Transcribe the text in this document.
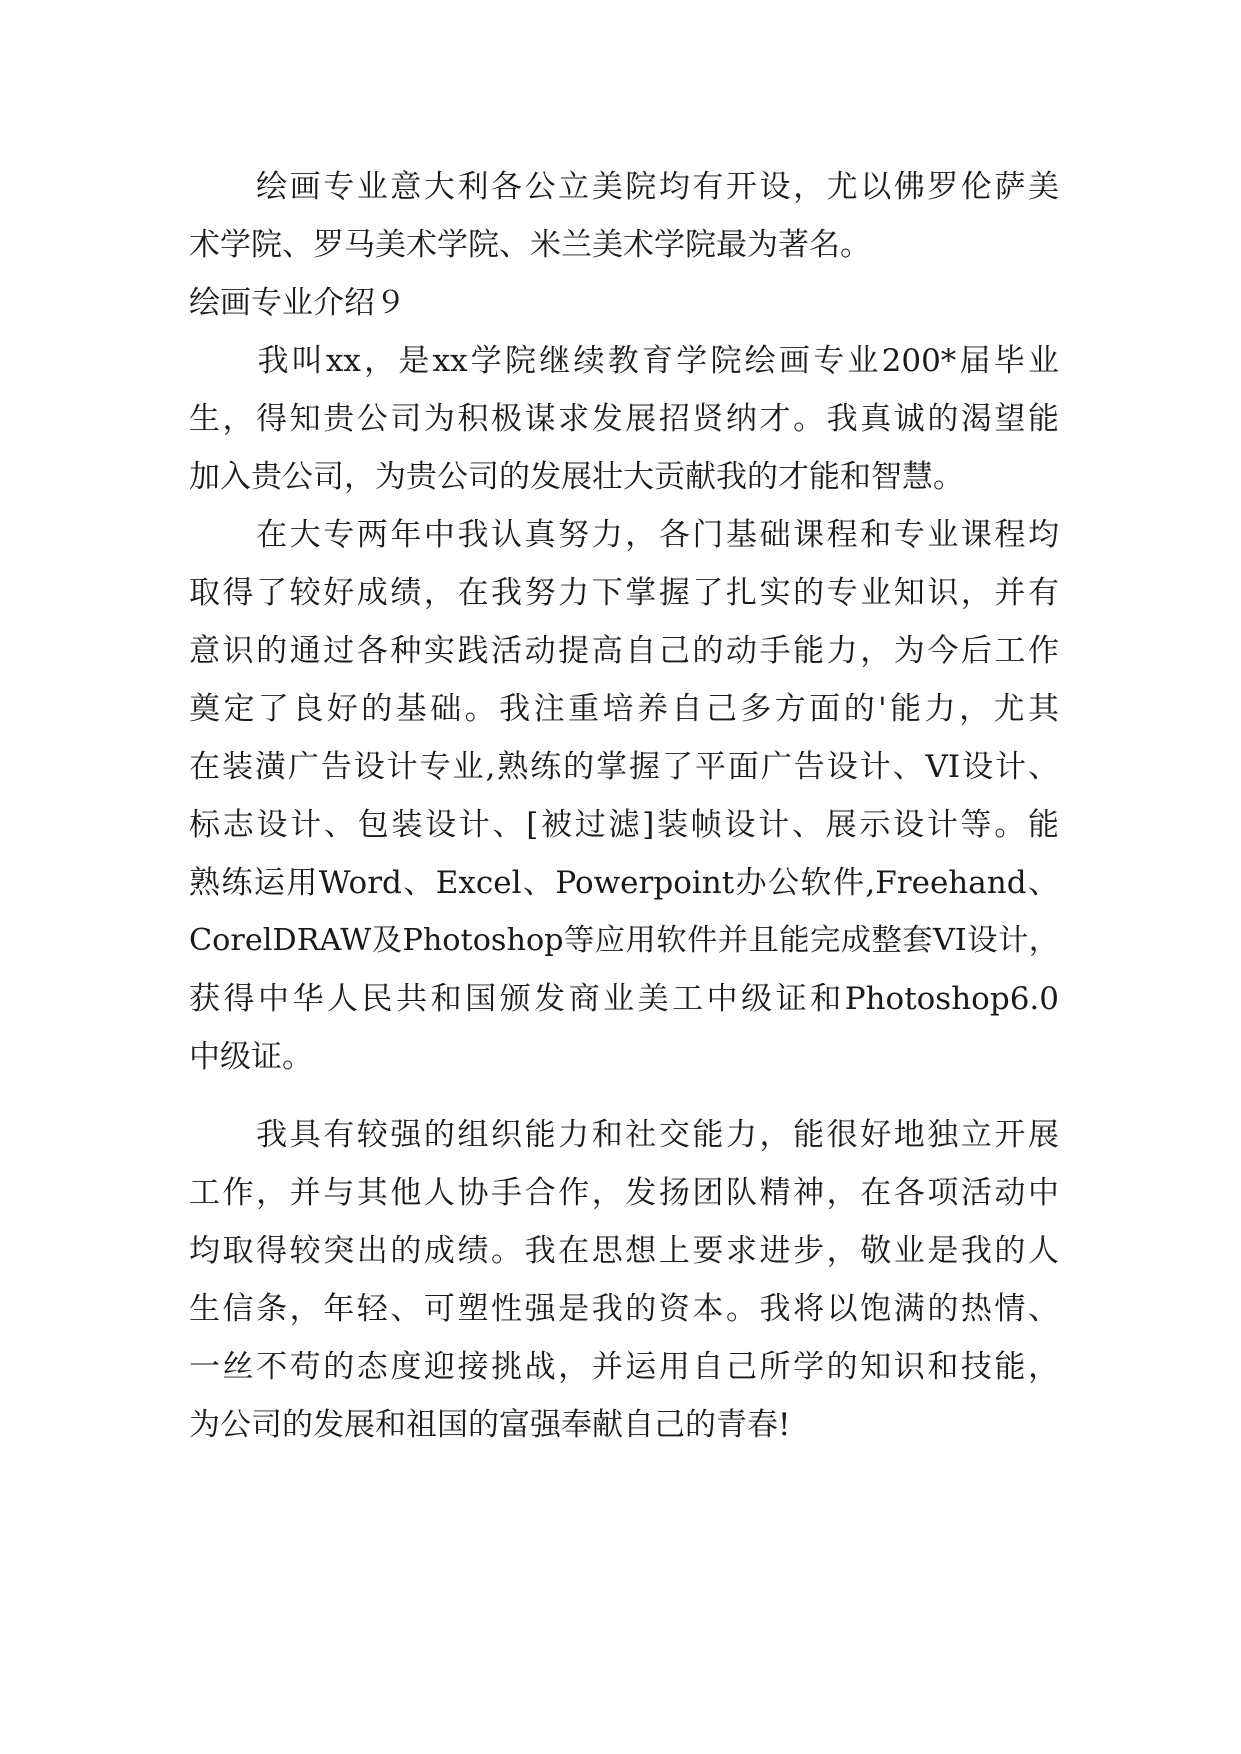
　　绘画专业意大利各公立美院均有开设，尤以佛罗伦萨美
术学院、罗马美术学院、米兰美术学院最为著名。
绘画专业介绍９
　　我叫xx，是xx学院继续教育学院绘画专业200*届毕业
生，得知贵公司为积极谋求发展招贤纳才。我真诚的渴望能
加入贵公司，为贵公司的发展壮大贡献我的才能和智慧。
　　在大专两年中我认真努力，各门基础课程和专业课程均
取得了较好成绩，在我努力下掌握了扎实的专业知识，并有
意识的通过各种实践活动提高自己的动手能力，为今后工作
奠定了良好的基础。我注重培养自己多方面的'能力，尤其
在装潢广告设计专业,熟练的掌握了平面广告设计、VI设计、
标志设计、包装设计、[被过滤]装帧设计、展示设计等。能
熟练运用Word、Excel、Powerpoint办公软件,Freehand、
CorelDRAW及Photoshop等应用软件并且能完成整套VI设计，
获得中华人民共和国颁发商业美工中级证和Photoshop6.0
中级证。
　　我具有较强的组织能力和社交能力，能很好地独立开展
工作，并与其他人协手合作，发扬团队精神，在各项活动中
均取得较突出的成绩。我在思想上要求进步，敬业是我的人
生信条，年轻、可塑性强是我的资本。我将以饱满的热情、
一丝不苟的态度迎接挑战，并运用自己所学的知识和技能，
为公司的发展和祖国的富强奉献自己的青春!
